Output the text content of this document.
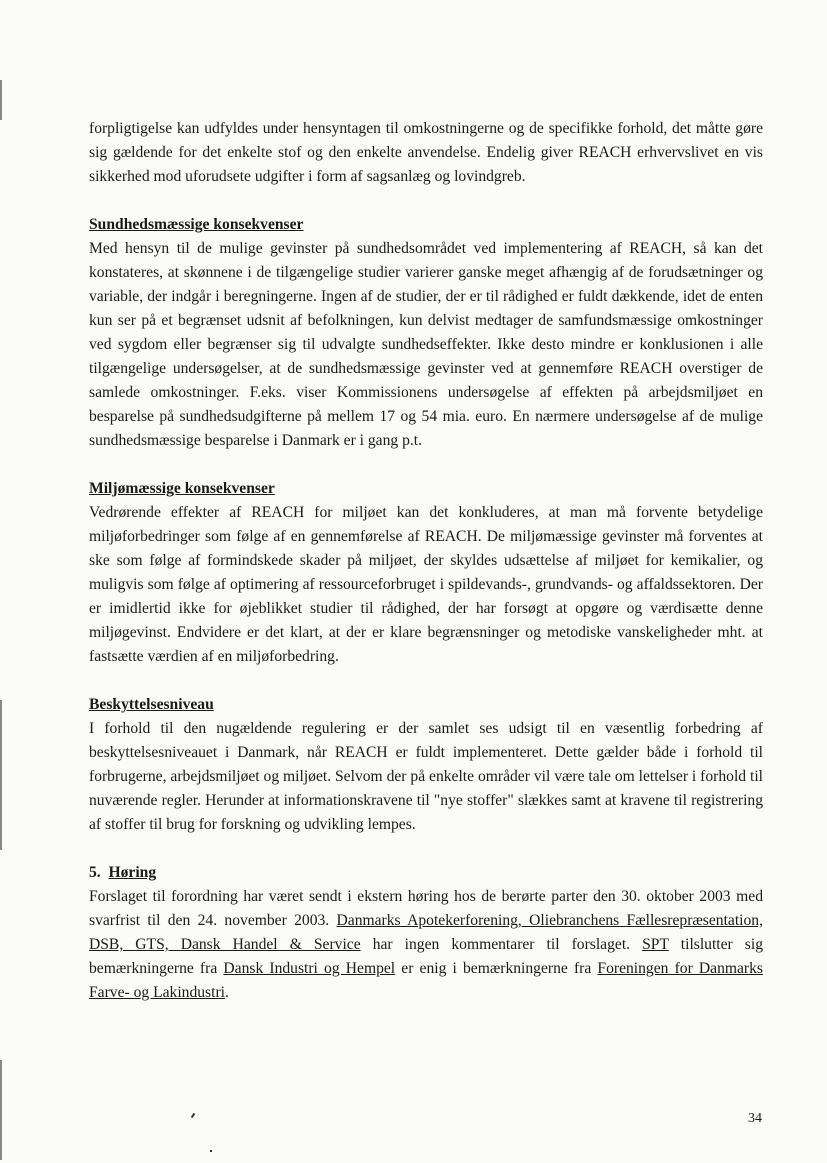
forpligtigelse kan udfyldes under hensyntagen til omkostningerne og de specifikke forhold, det måtte gøre sig gældende for det enkelte stof og den enkelte anvendelse. Endelig giver REACH erhvervslivet en vis sikkerhed mod uforudsete udgifter i form af sagsanlæg og lovindgreb.

Sundhedsmæssige konsekvenser

Med hensyn til de mulige gevinster på sundhedsområdet ved implementering af REACH, så kan det konstateres, at skønnene i de tilgængelige studier varierer ganske meget afhængig af de forudsætninger og variable, der indgår i beregningerne. Ingen af de studier, der er til rådighed er fuldt dækkende, idet de enten kun ser på et begrænset udsnit af befolkningen, kun delvist medtager de samfundsmæssige omkostninger ved sygdom eller begrænser sig til udvalgte sundhedseffekter. Ikke desto mindre er konklusionen i alle tilgængelige undersøgelser, at de sundhedsmæssige gevinster ved at gennemføre REACH overstiger de samlede omkostninger. F.eks. viser Kommissionens undersøgelse af effekten på arbejdsmiljøet en besparelse på sundhedsudgifterne på mellem 17 og 54 mia. euro. En nærmere undersøgelse af de mulige sundhedsmæssige besparelse i Danmark er i gang p.t.

Miljømæssige konsekvenser

Vedrørende effekter af REACH for miljøet kan det konkluderes, at man må forvente betydelige miljøforbedringer som følge af en gennemførelse af REACH. De miljømæssige gevinster må forventes at ske som følge af formindskede skader på miljøet, der skyldes udsættelse af miljøet for kemikalier, og muligvis som følge af optimering af ressourceforbruget i spildevands-, grundvands- og affaldssektoren. Der er imidlertid ikke for øjeblikket studier til rådighed, der har forsøgt at opgøre og værdisætte denne miljøgevinst. Endvidere er det klart, at der er klare begrænsninger og metodiske vanskeligheder mht. at fastsætte værdien af en miljøforbedring.

Beskyttelsesniveau

I forhold til den nugældende regulering er der samlet ses udsigt til en væsentlig forbedring af beskyttelsesniveauet i Danmark, når REACH er fuldt implementeret. Dette gælder både i forhold til forbrugerne, arbejdsmiljøet og miljøet. Selvom der på enkelte områder vil være tale om lettelser i forhold til nuværende regler. Herunder at informationskravene til "nye stoffer" slækkes samt at kravene til registrering af stoffer til brug for forskning og udvikling lempes.

5. Høring

Forslaget til forordning har været sendt i ekstern høring hos de berørte parter den 30. oktober 2003 med svarfrist til den 24. november 2003. Danmarks Apotekerforening, Oliebranchens Fællesrepræsentation, DSB, GTS, Dansk Handel & Service har ingen kommentarer til forslaget. SPT tilslutter sig bemærkningerne fra Dansk Industri og Hempel er enig i bemærkningerne fra Foreningen for Danmarks Farve- og Lakindustri.

34
